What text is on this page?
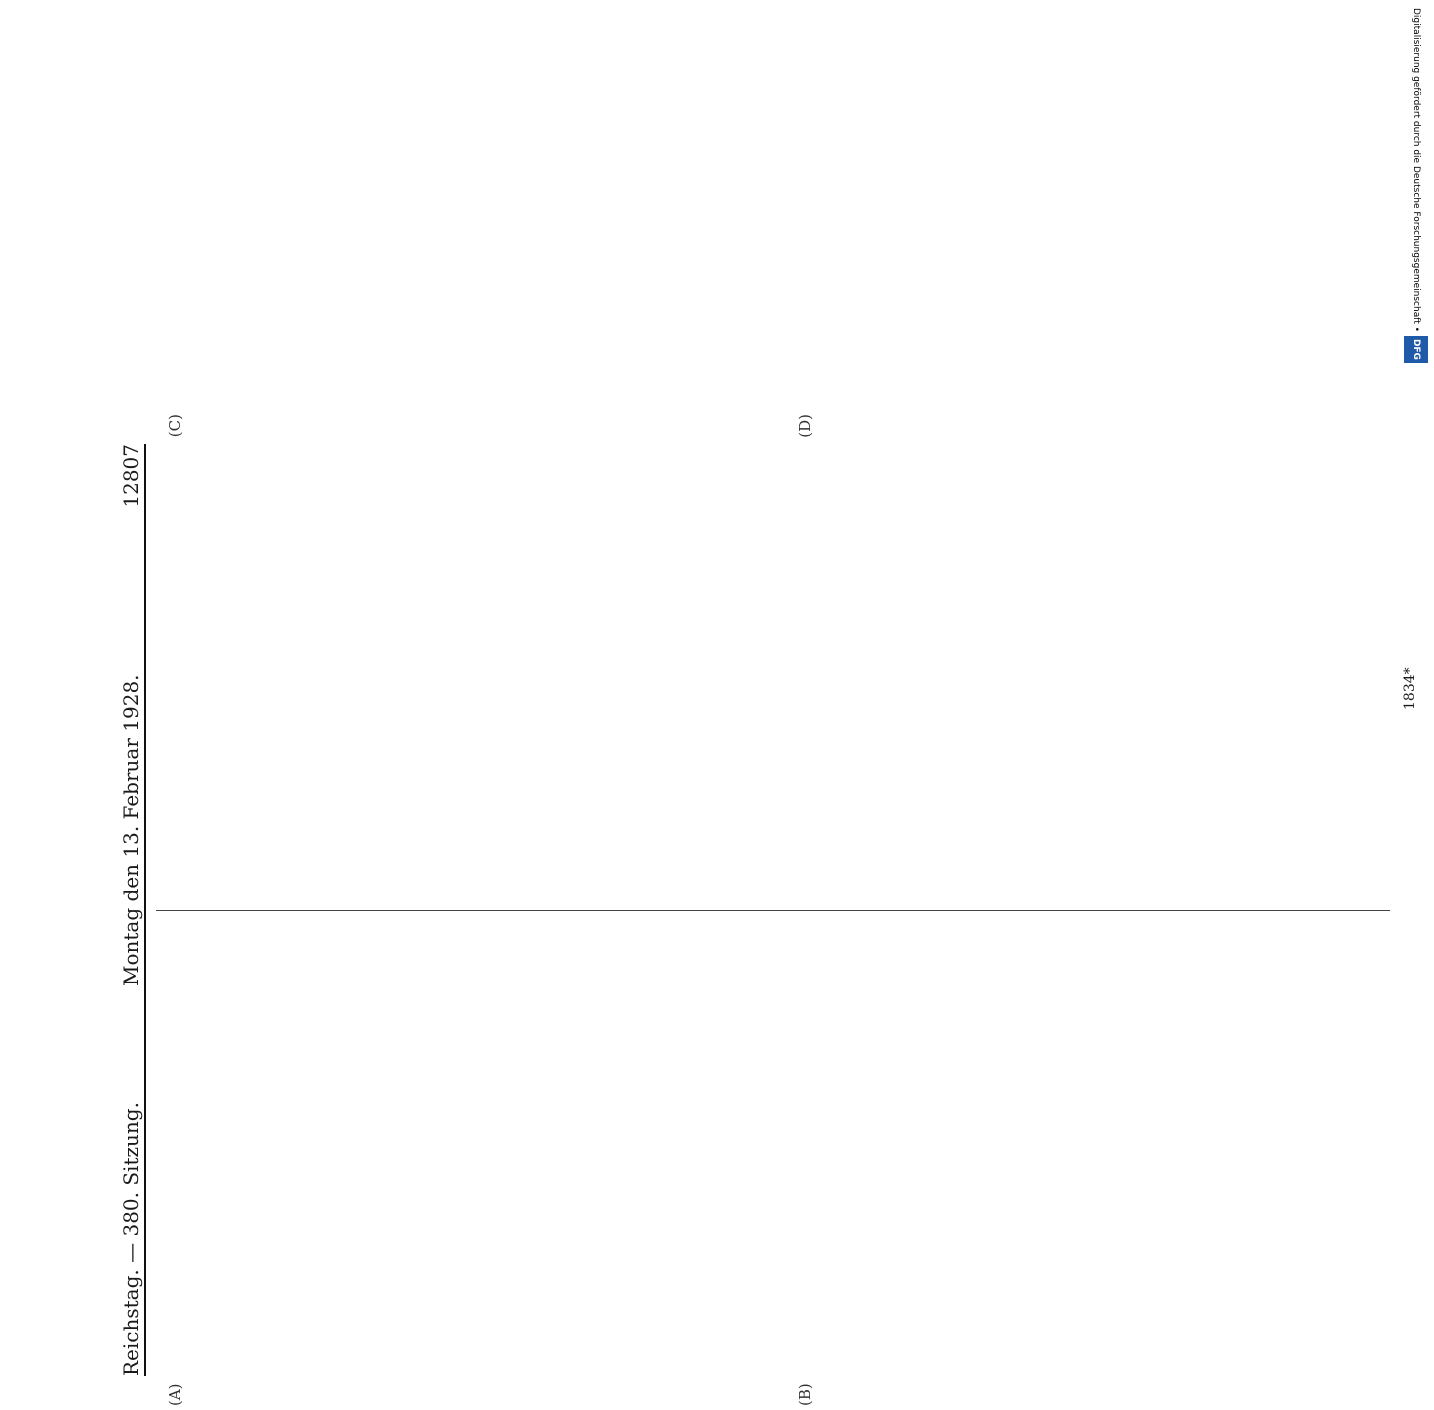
Reichstag. — 380. Sitzung.
Montag den 13. Februar 1928.
12807
(A)	(B)
(C)	(D)
1834*
Digitalisierung gefördert durch die Deutsche Forschungsgemeinschaft •DFG
